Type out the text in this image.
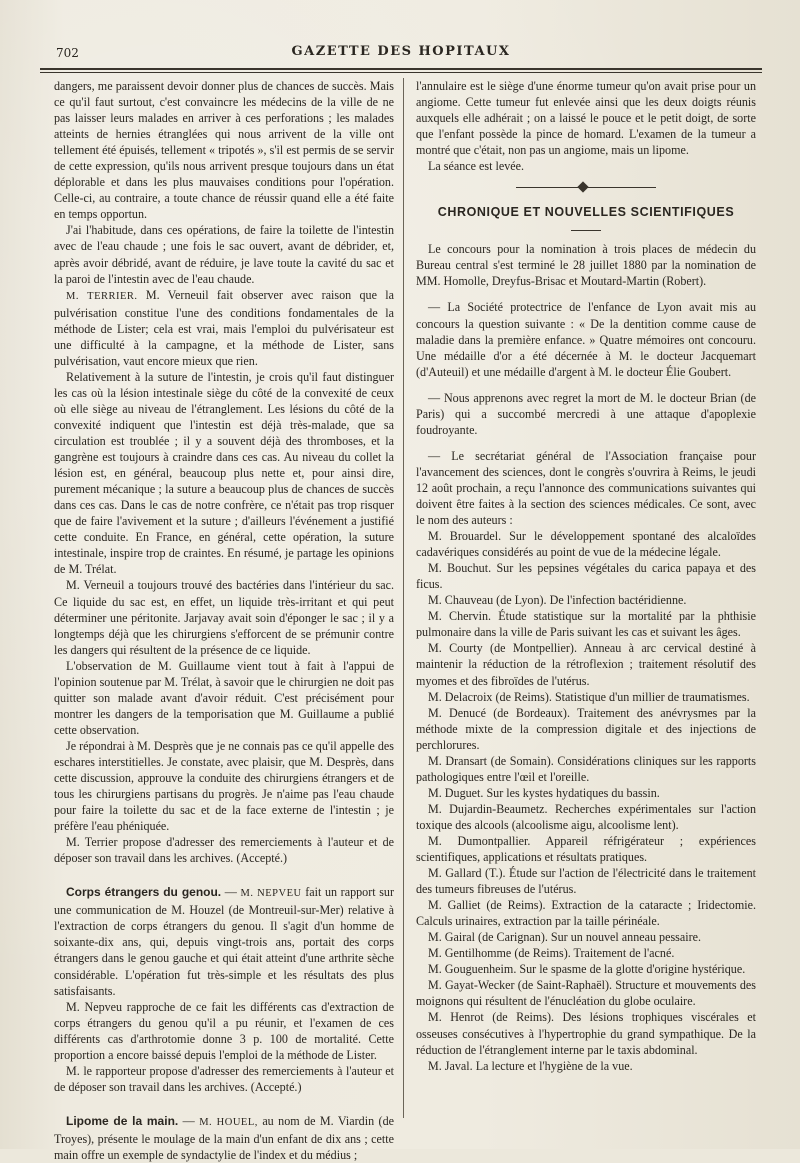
702	GAZETTE DES HOPITAUX

dangers, me paraissent devoir donner plus de chances de succès. Mais ce qu'il faut surtout, c'est convaincre les médecins de la ville de ne pas laisser leurs malades en arriver à ces perforations ; les malades atteints de hernies étranglées qui nous arrivent de la ville ont tellement été épuisés, tellement « tripotés », s'il est permis de se servir de cette expression, qu'ils nous arrivent presque toujours dans un état déplorable et dans les plus mauvaises conditions pour l'opération. Celle-ci, au contraire, a toute chance de réussir quand elle a été faite en temps opportun.

J'ai l'habitude, dans ces opérations, de faire la toilette de l'intestin avec de l'eau chaude ; une fois le sac ouvert, avant de débrider, et, après avoir débridé, avant de réduire, je lave toute la cavité du sac et la paroi de l'intestin avec de l'eau chaude.

M. TERRIER. M. Verneuil fait observer avec raison que la pulvérisation constitue l'une des conditions fondamentales de la méthode de Lister; cela est vrai, mais l'emploi du pulvérisateur est une difficulté à la campagne, et la méthode de Lister, sans pulvérisation, vaut encore mieux que rien.

Relativement à la suture de l'intestin, je crois qu'il faut distinguer les cas où la lésion intestinale siège du côté de la convexité de ceux où elle siège au niveau de l'étranglement. Les lésions du côté de la convexité indiquent que l'intestin est déjà très-malade, que sa circulation est troublée ; il y a souvent déjà des thromboses, et la gangrène est toujours à craindre dans ces cas. Au niveau du collet la lésion est, en général, beaucoup plus nette et, pour ainsi dire, purement mécanique ; la suture a beaucoup plus de chances de succès dans ces cas. Dans le cas de notre confrère, ce n'était pas trop risquer que de faire l'avivement et la suture ; d'ailleurs l'événement a justifié cette conduite. En France, en général, cette opération, la suture intestinale, inspire trop de craintes. En résumé, je partage les opinions de M. Trélat.

M. Verneuil a toujours trouvé des bactéries dans l'intérieur du sac. Ce liquide du sac est, en effet, un liquide très-irritant et qui peut déterminer une péritonite. Jarjavay avait soin d'éponger le sac ; il y a longtemps déjà que les chirurgiens s'efforcent de se prémunir contre les dangers qui résultent de la présence de ce liquide.

L'observation de M. Guillaume vient tout à fait à l'appui de l'opinion soutenue par M. Trélat, à savoir que le chirurgien ne doit pas quitter son malade avant d'avoir réduit. C'est précisément pour montrer les dangers de la temporisation que M. Guillaume a publié cette observation.

Je répondrai à M. Desprès que je ne connais pas ce qu'il appelle des eschares interstitielles. Je constate, avec plaisir, que M. Desprès, dans cette discussion, approuve la conduite des chirurgiens étrangers et de tous les chirurgiens partisans du progrès. Je n'aime pas l'eau chaude pour faire la toilette du sac et de la face externe de l'intestin ; je préfère l'eau phéniquée.

M. Terrier propose d'adresser des remerciements à l'auteur et de déposer son travail dans les archives. (Accepté.)

Corps étrangers du genou. — M. NEPVEU fait un rapport sur une communication de M. Houzel (de Montreuil-sur-Mer) relative à l'extraction de corps étrangers du genou. Il s'agit d'un homme de soixante-dix ans, qui, depuis vingt-trois ans, portait des corps étrangers dans le genou gauche et qui était atteint d'une arthrite sèche considérable. L'opération fut très-simple et les résultats des plus satisfaisants.

M. Nepveu rapproche de ce fait les différents cas d'extraction de corps étrangers du genou qu'il a pu réunir, et l'examen de ces différents cas d'arthrotomie donne 3 p. 100 de mortalité. Cette proportion a encore baissé depuis l'emploi de la méthode de Lister.

M. le rapporteur propose d'adresser des remerciements à l'auteur et de déposer son travail dans les archives. (Accepté.)

Lipome de la main. — M. HOUEL, au nom de M. Viardin (de Troyes), présente le moulage de la main d'un enfant de dix ans ; cette main offre un exemple de syndactylie de l'index et du médius ;

l'annulaire est le siège d'une énorme tumeur qu'on avait prise pour un angiome. Cette tumeur fut enlevée ainsi que les deux doigts réunis auxquels elle adhérait ; on a laissé le pouce et le petit doigt, de sorte que l'enfant possède la pince de homard. L'examen de la tumeur a montré que c'était, non pas un angiome, mais un lipome.

La séance est levée.

CHRONIQUE ET NOUVELLES SCIENTIFIQUES

Le concours pour la nomination à trois places de médecin du Bureau central s'est terminé le 28 juillet 1880 par la nomination de MM. Homolle, Dreyfus-Brisac et Moutard-Martin (Robert).

— La Société protectrice de l'enfance de Lyon avait mis au concours la question suivante : « De la dentition comme cause de maladie dans la première enfance. » Quatre mémoires ont concouru. Une médaille d'or a été décernée à M. le docteur Jacquemart (d'Auteuil) et une médaille d'argent à M. le docteur Élie Goubert.

— Nous apprenons avec regret la mort de M. le docteur Brian (de Paris) qui a succombé mercredi à une attaque d'apoplexie foudroyante.

— Le secrétariat général de l'Association française pour l'avancement des sciences, dont le congrès s'ouvrira à Reims, le jeudi 12 août prochain, a reçu l'annonce des communications suivantes qui doivent être faites à la section des sciences médicales. Ce sont, avec le nom des auteurs :

M. Brouardel. Sur le développement spontané des alcaloïdes cadavériques considérés au point de vue de la médecine légale.

M. Bouchut. Sur les pepsines végétales du carica papaya et des ficus.

M. Chauveau (de Lyon). De l'infection bactéridienne.

M. Chervin. Étude statistique sur la mortalité par la phthisie pulmonaire dans la ville de Paris suivant les cas et suivant les âges.

M. Courty (de Montpellier). Anneau à arc cervical destiné à maintenir la réduction de la rétroflexion ; traitement résolutif des myomes et des fibroïdes de l'utérus.

M. Delacroix (de Reims). Statistique d'un millier de traumatismes.

M. Denucé (de Bordeaux). Traitement des anévrysmes par la méthode mixte de la compression digitale et des injections de perchlorures.

M. Dransart (de Somain). Considérations cliniques sur les rapports pathologiques entre l'œil et l'oreille.

M. Duguet. Sur les kystes hydatiques du bassin.

M. Dujardin-Beaumetz. Recherches expérimentales sur l'action toxique des alcools (alcoolisme aigu, alcoolisme lent).

M. Dumontpallier. Appareil réfrigérateur ; expériences scientifiques, applications et résultats pratiques.

M. Gallard (T.). Étude sur l'action de l'électricité dans le traitement des tumeurs fibreuses de l'utérus.

M. Galliet (de Reims). Extraction de la cataracte ; Iridectomie. Calculs urinaires, extraction par la taille périnéale.

M. Gairal (de Carignan). Sur un nouvel anneau pessaire.

M. Gentilhomme (de Reims). Traitement de l'acné.

M. Gouguenheim. Sur le spasme de la glotte d'origine hystérique.

M. Gayat-Wecker (de Saint-Raphaël). Structure et mouvements des moignons qui résultent de l'énucléation du globe oculaire.

M. Henrot (de Reims). Des lésions trophiques viscérales et osseuses consécutives à l'hypertrophie du grand sympathique. De la réduction de l'étranglement interne par le taxis abdominal.

M. Javal. La lecture et l'hygiène de la vue.
